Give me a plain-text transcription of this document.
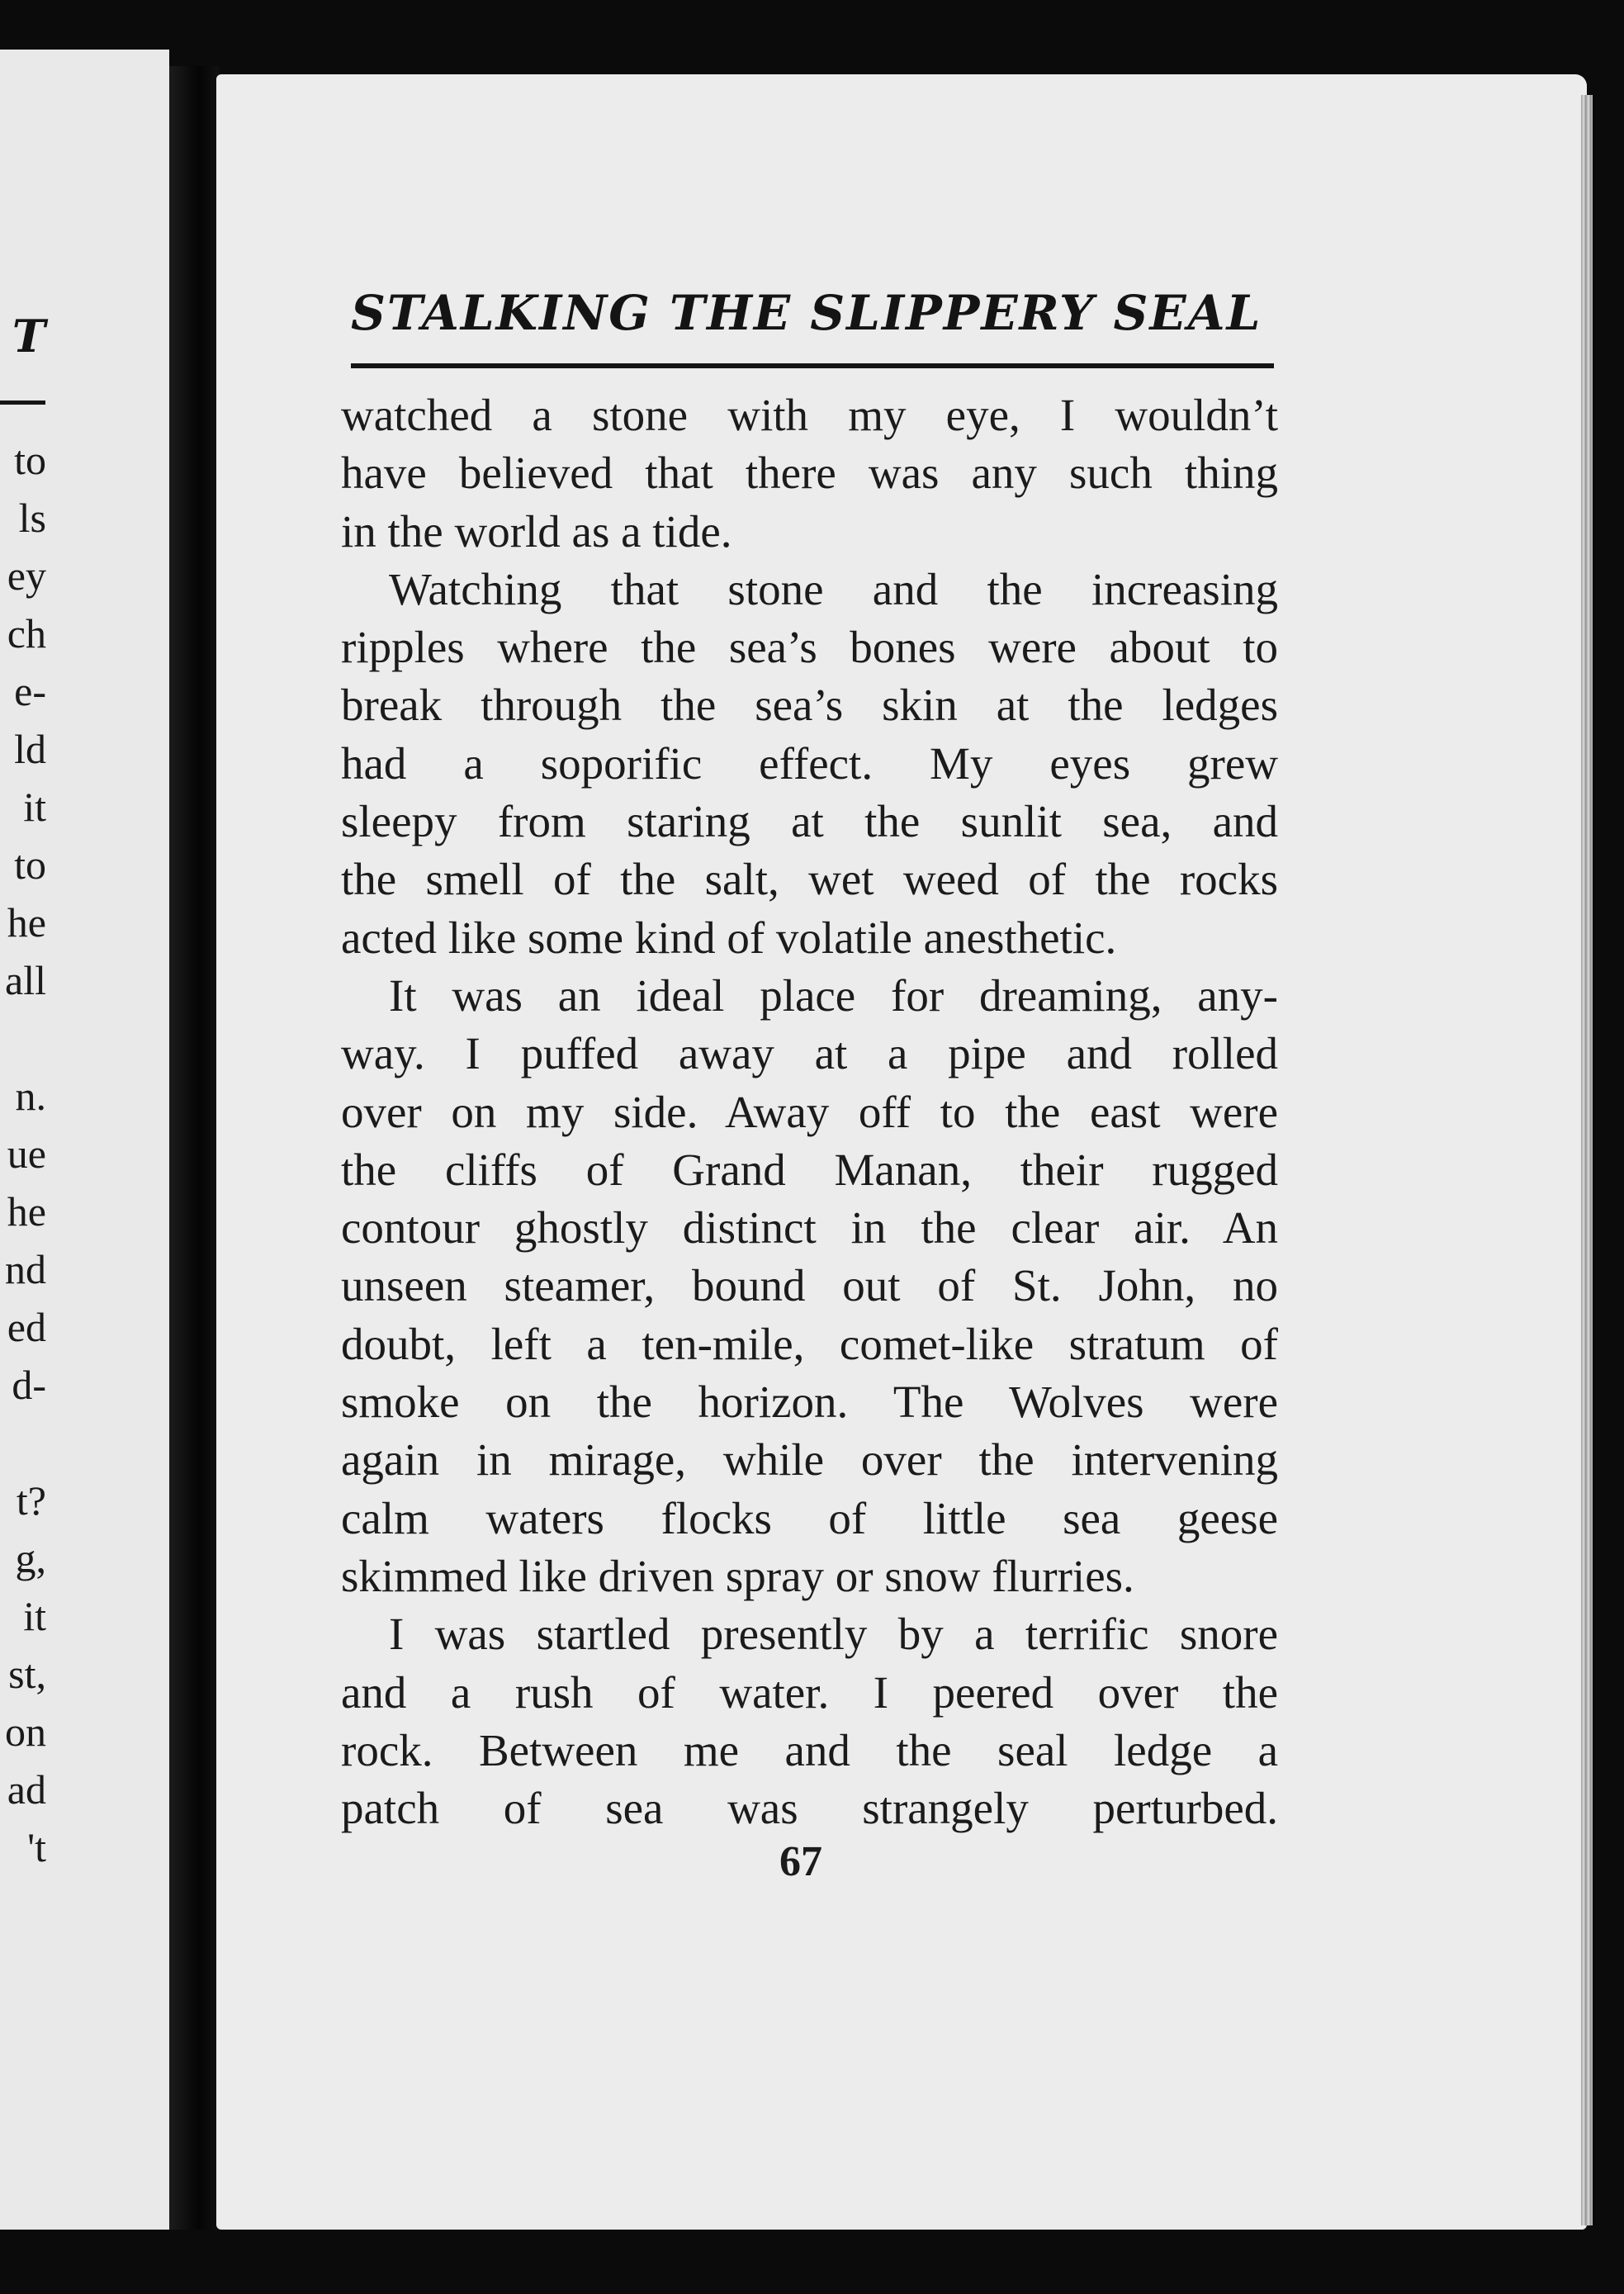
T
to
ls
ey
ch
e-
ld
it
to
he
all
n.
ue
he
nd
ed
d-
t?
g,
it
st,
on
ad
't
STALKING THE SLIPPERY SEAL
watched a stone with my eye, I wouldn’t
have believed that there was any such thing
in the world as a tide.
Watching that stone and the increasing
ripples where the sea’s bones were about to
break through the sea’s skin at the ledges
had a soporific effect. My eyes grew
sleepy from staring at the sunlit sea, and
the smell of the salt, wet weed of the rocks
acted like some kind of volatile anesthetic.
It was an ideal place for dreaming, any-
way. I puffed away at a pipe and rolled
over on my side. Away off to the east were
the cliffs of Grand Manan, their rugged
contour ghostly distinct in the clear air. An
unseen steamer, bound out of St. John, no
doubt, left a ten-mile, comet-like stratum of
smoke on the horizon. The Wolves were
again in mirage, while over the intervening
calm waters flocks of little sea geese
skimmed like driven spray or snow flurries.
I was startled presently by a terrific snore
and a rush of water. I peered over the
rock. Between me and the seal ledge a
patch of sea was strangely perturbed.
67
